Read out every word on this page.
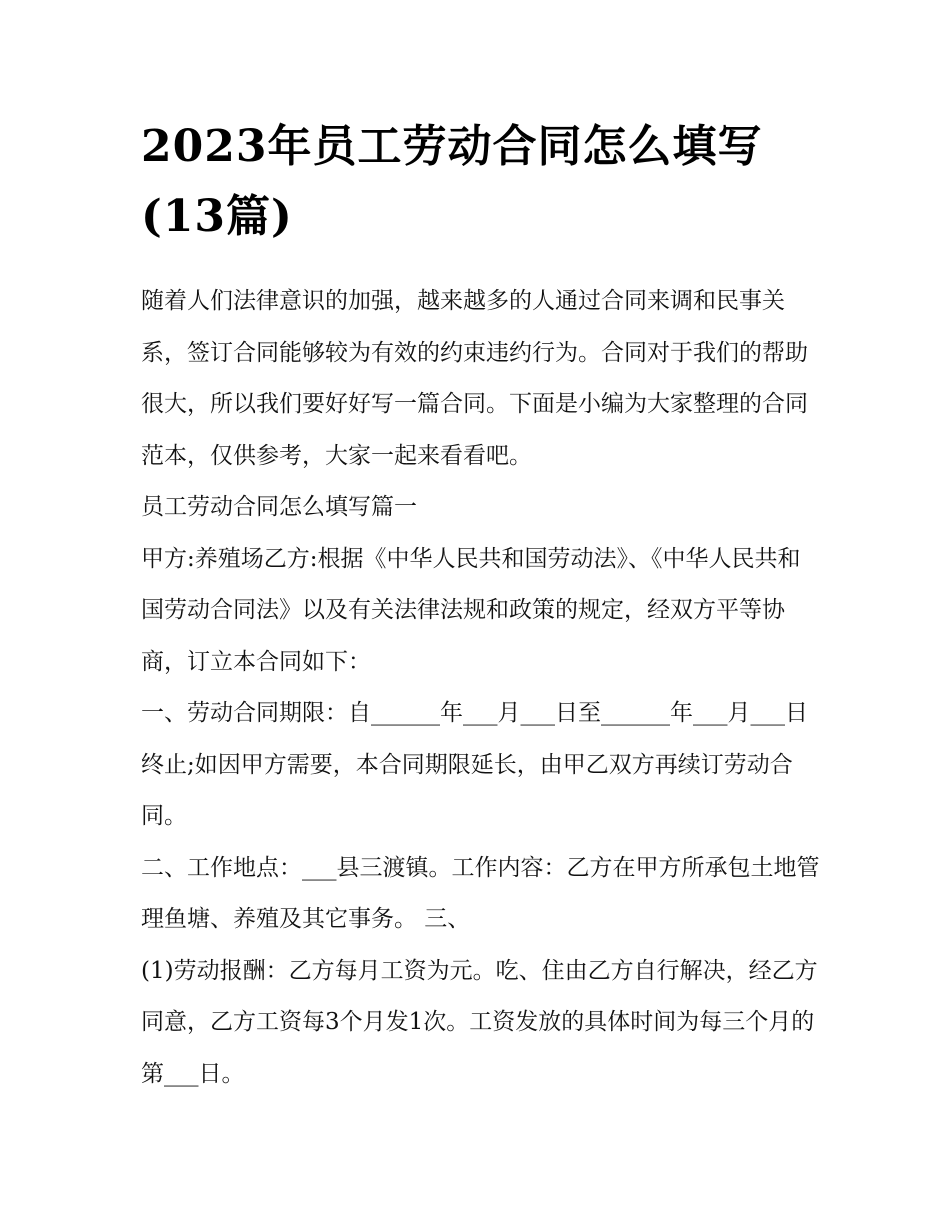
2023年员工劳动合同怎么填写
(13篇)

随着人们法律意识的加强，越来越多的人通过合同来调和民事关系，签订合同能够较为有效的约束违约行为。合同对于我们的帮助很大，所以我们要好好写一篇合同。下面是小编为大家整理的合同范本，仅供参考，大家一起来看看吧。

员工劳动合同怎么填写篇一

甲方:养殖场乙方:根据《中华人民共和国劳动法》、《中华人民共和国劳动合同法》以及有关法律法规和政策的规定，经双方平等协商，订立本合同如下：

一、劳动合同期限：自______年___月___日至______年___月___日终止;如因甲方需要，本合同期限延长，由甲乙双方再续订劳动合同。

二、工作地点：___县三渡镇。工作内容：乙方在甲方所承包土地管理鱼塘、养殖及其它事务。 三、

(1)劳动报酬：乙方每月工资为元。吃、住由乙方自行解决，经乙方同意，乙方工资每3个月发1次。工资发放的具体时间为每三个月的第___日。
